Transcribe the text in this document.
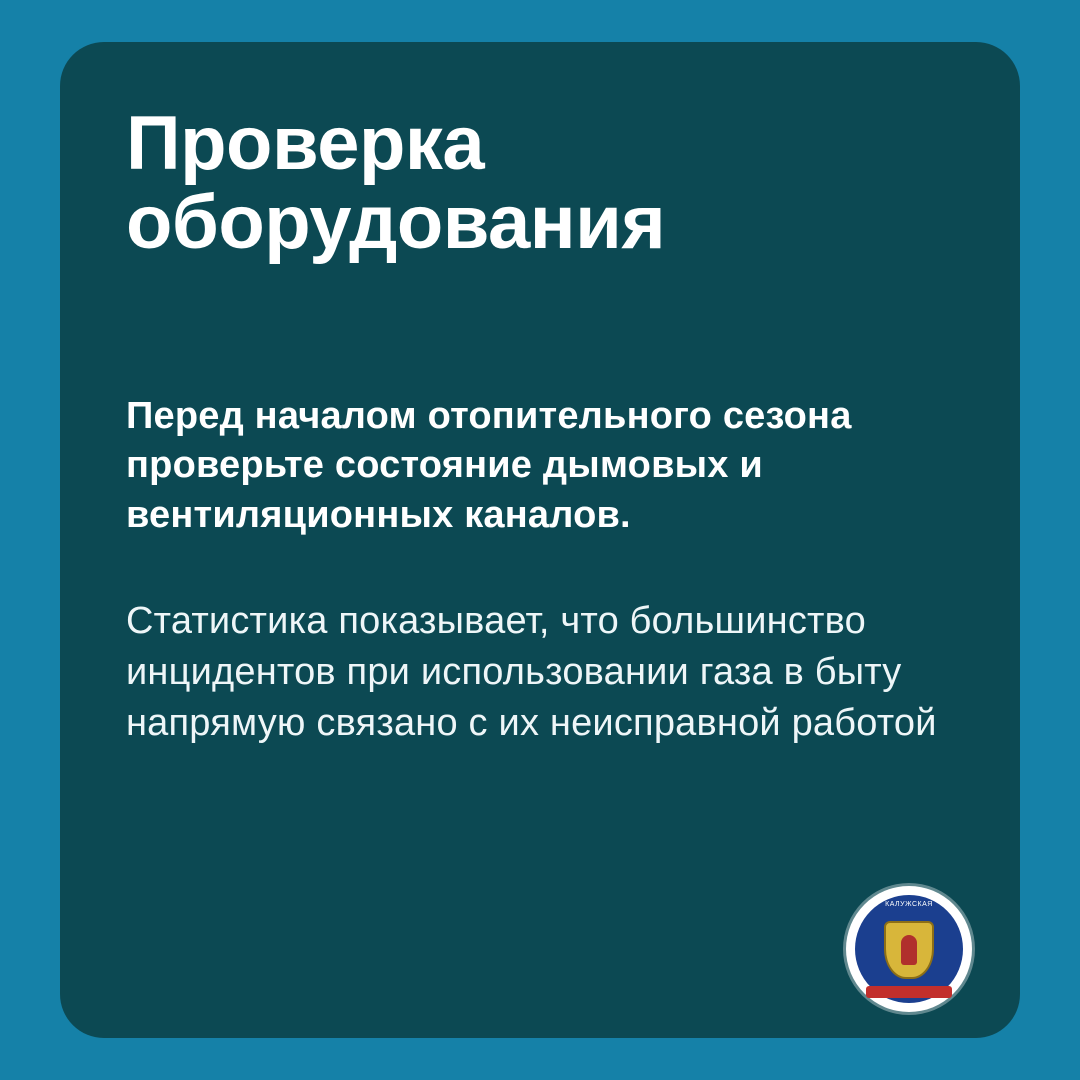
Проверка
оборудования

Перед началом отопительного сезона проверьте состояние дымовых и вентиляционных каналов.

Статистика показывает, что большинство инцидентов при использовании газа в быту напрямую связано с их неисправной работой

КАЛУЖСКАЯ
